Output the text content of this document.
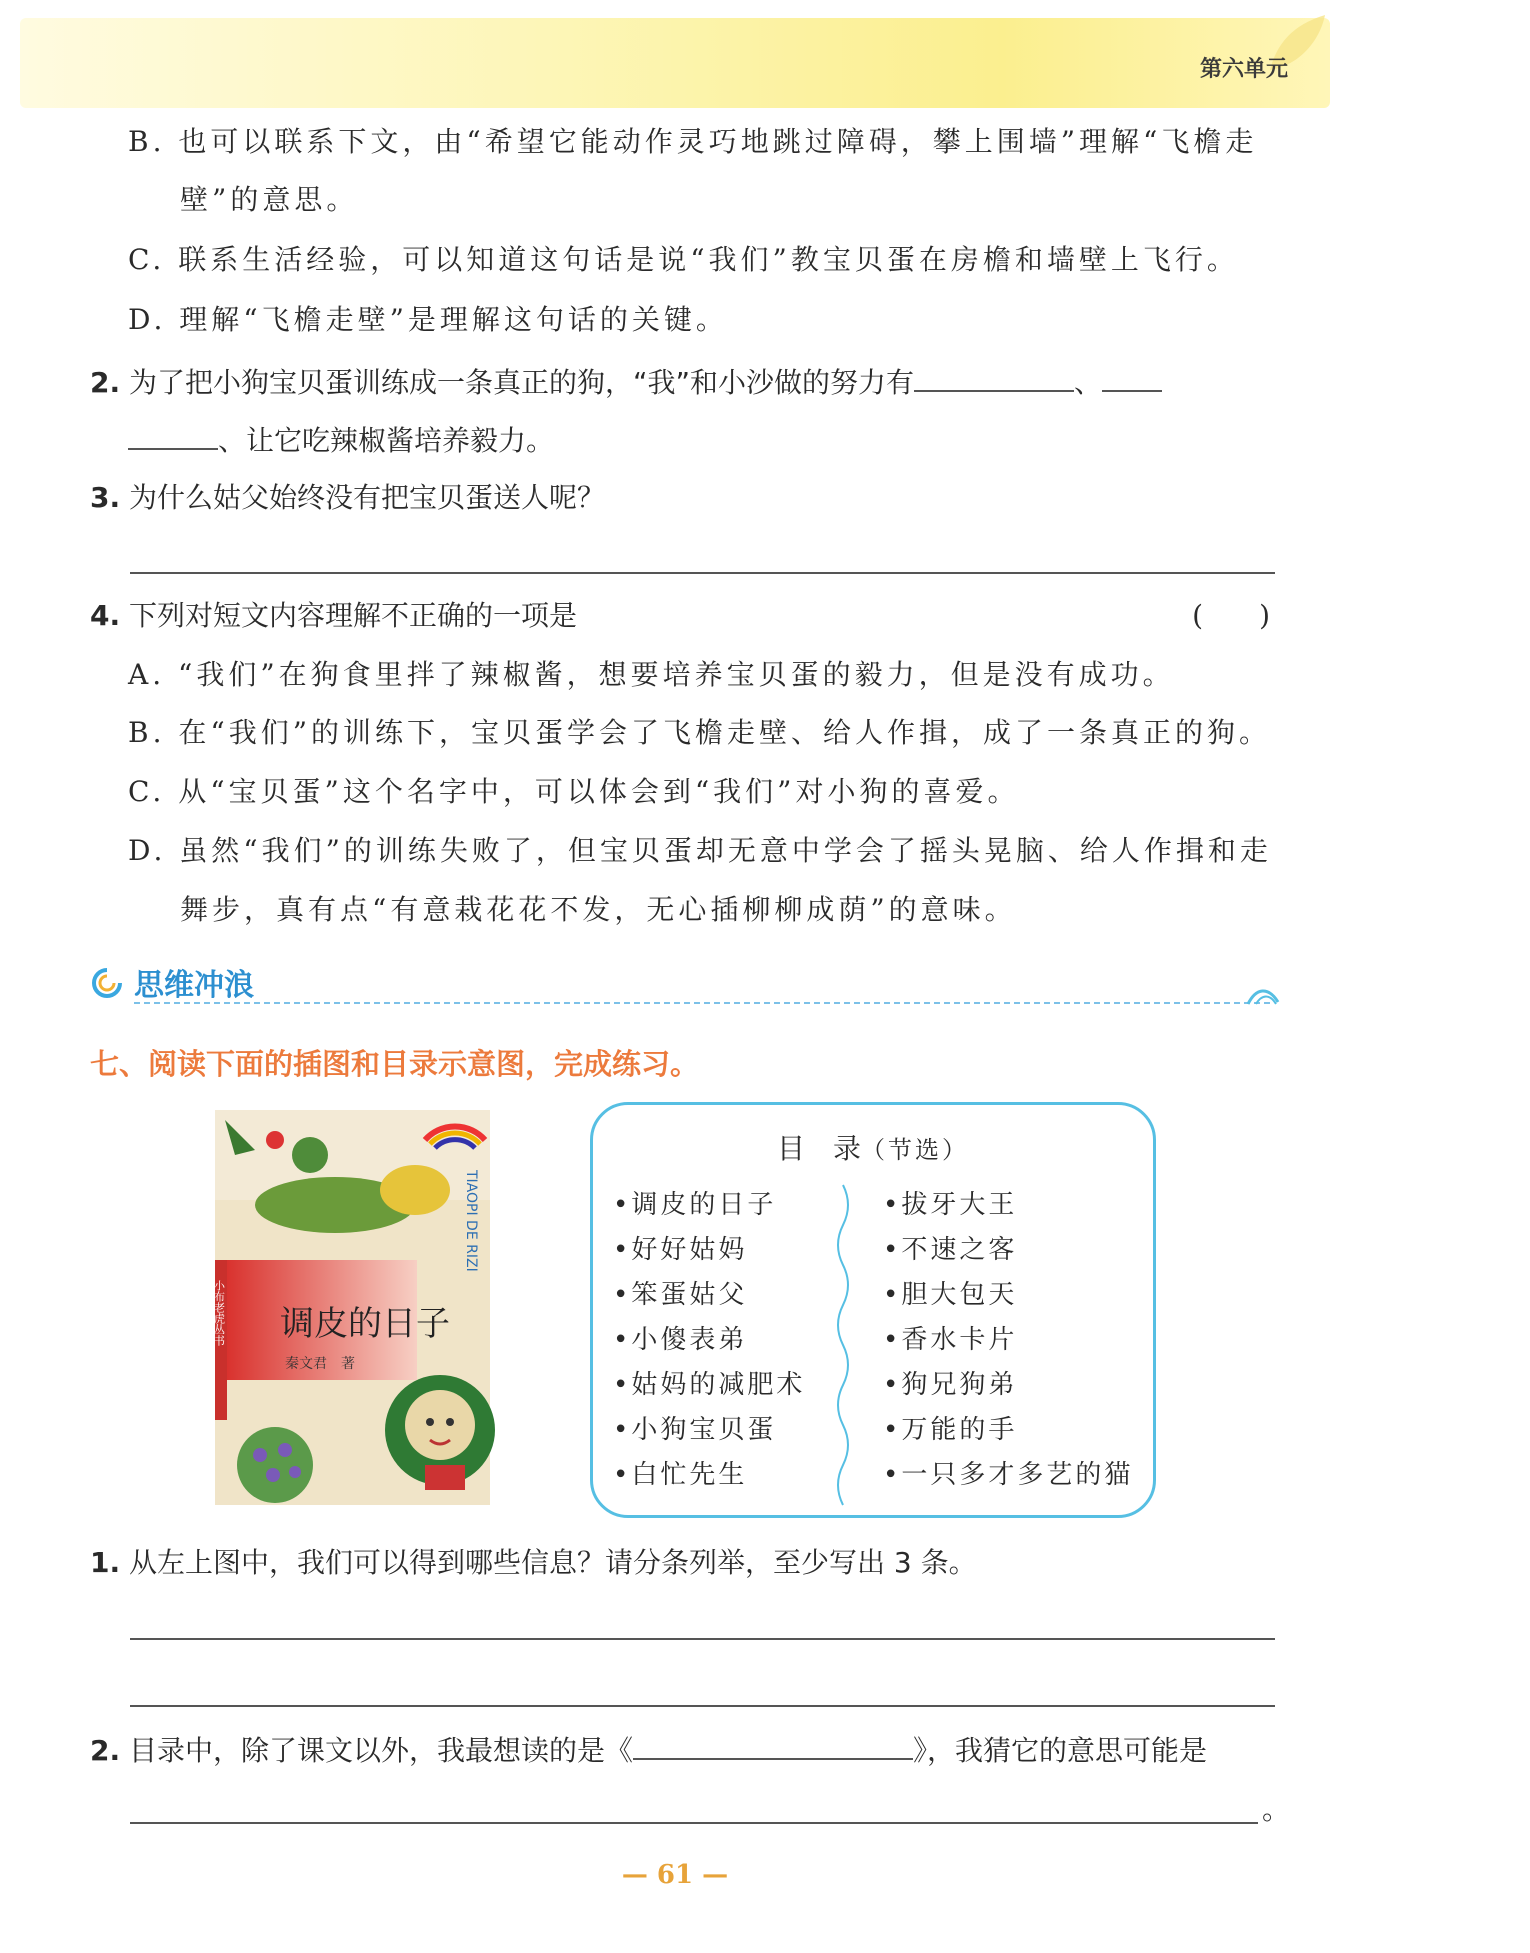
第六单元
B. 也可以联系下文，由“希望它能动作灵巧地跳过障碍，攀上围墙”理解“飞檐走
壁”的意思。
C. 联系生活经验，可以知道这句话是说“我们”教宝贝蛋在房檐和墙壁上飞行。
D. 理解“飞檐走壁”是理解这句话的关键。
2. 为了把小狗宝贝蛋训练成一条真正的狗，“我”和小沙做的努力有	、
、让它吃辣椒酱培养毅力。
3. 为什么姑父始终没有把宝贝蛋送人呢？
4. 下列对短文内容理解不正确的一项是	(　　)
A. “我们”在狗食里拌了辣椒酱，想要培养宝贝蛋的毅力，但是没有成功。
B. 在“我们”的训练下，宝贝蛋学会了飞檐走壁、给人作揖，成了一条真正的狗。
C. 从“宝贝蛋”这个名字中，可以体会到“我们”对小狗的喜爱。
D. 虽然“我们”的训练失败了，但宝贝蛋却无意中学会了摇头晃脑、给人作揖和走
舞步，真有点“有意栽花花不发，无心插柳柳成荫”的意味。
思维冲浪
七、阅读下面的插图和目录示意图，完成练习。
调皮的日子
秦文君　著
TIAOPI DE RIZI
小布老虎丛书
目　录（节选）
•调皮的日子
•好好姑妈
•笨蛋姑父
•小傻表弟
•姑妈的减肥术
•小狗宝贝蛋
•白忙先生
•拔牙大王
•不速之客
•胆大包天
•香水卡片
•狗兄狗弟
•万能的手
•一只多才多艺的猫
1. 从左上图中，我们可以得到哪些信息？请分条列举，至少写出 3 条。
2. 目录中，除了课文以外，我最想读的是《	》，我猜它的意思可能是
。
— 61 —
